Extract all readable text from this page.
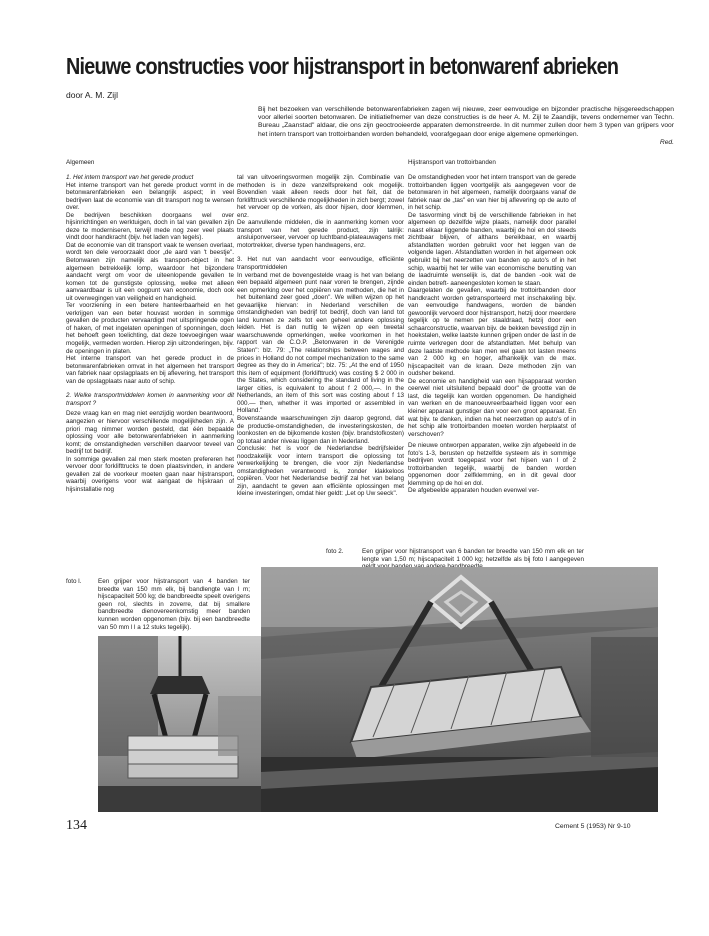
Nieuwe constructies voor hijstransport in betonwarenf abrieken
door A. M. Zijl
Bij het bezoeken van verschillende betonwarenfabrieken zagen wij nieuwe, zeer eenvoudige en bijzonder practische hijsgereedschappen voor allerlei soorten betonwaren. De initiatiefnemer van deze constructies is de heer A. M. Zijl te Zaandijk, tevens ondernemer van Techn. Bureau „Zaanstad" aldaar, die ons zijn geoctrooieerde apparaten demonstreerde. In dit nummer zullen door hem 3 typen van grijpers voor het intern transport van trottoirbanden worden behandeld, voorafgegaan door enige algemene opmerkingen.
Red.
Algemeen	Hijstransport van trottoirbanden

1. Het intern transport van het gerede product

Het interne transport van het gerede product vormt in de betonwarenfabrieken een belangrijk aspect; in veel bedrijven laat de economie van dit transport nog te wensen over.

De bedrijven beschikken doorgaans wel over hijsinrichtingen en werktuigen, doch in tal van gevallen zijn deze te moderniseren, terwijl mede nog zeer veel plaats vindt door handkracht (bijv. het laden van tegels).

Dat de economie van dit transport vaak te wensen overlaat, wordt ten dele veroorzaakt door „de aard van 't beestje". Betonwaren zijn namelijk als transport-object in het algemeen betrekkelijk lomp, waardoor het bijzondere aandacht vergt om voor de uiteenlopende gevallen te komen tot de gunstigste oplossing, welke met alleen aanvaardbaar is uit een oogpunt van economie, doch ook uit overwegingen van veiligheid en handigheid.

Ter voorziening in een betere hanteerbaarheid en het verkrijgen van een beter houvast worden in sommige gevallen de producten vervaardigd met uitspringende ogen of haken, of met ingelaten openingen of sponningen, doch het behoeft geen toelichting, dat deze toevoegingen waar mogelijk, vermeden worden. Hierop zijn uitzonderingen, bijv. de openingen in platen.

Het interne transport van het gerede product in de betonwarenfabrieken omvat in het algemeen het transport van fabriek naar opslagplaats en bij aflevering, het transport van de opslagplaats naar auto of schip.

2. Welke transportmiddelen komen in aanmerking voor dit transport ?

Deze vraag kan en mag niet eenzijdig worden beantwoord, aangezien er hiervoor verschillende mogelijkheden zijn. A priori mag nimmer worden gesteld, dat één bepaalde oplossing voor alle betonwarenfabrieken in aanmerking komt; de omstandigheden verschillen daarvoor teveel van bedrijf tot bedrijf.

In sommige gevallen zal men sterk moeten prefereren het vervoer door forklifttrucks te doen plaatsvinden, in andere gevallen zal de voorkeur moeten gaan naar hijstransport, waarbij overigens voor wat aangaat de hijskraan of hijsinstallatie nog

tal van uitvoeringsvormen mogelijk zijn. Combinatie van methoden is in deze vanzelfsprekend ook mogelijk. Bovendien vaak alleen reeds door het feit, dat de forklifttruck verschillende mogelijkheden in zich bergt; zowel het vervoer op de vorken, als door hijsen, door klemmen, enz.

De aanvullende middelen, die in aanmerking komen voor transport van het gerede product, zijn talrijk: ansluiponverseer, vervoer op luchtband-plateauwagens met motortrekker, diverse typen handwagens, enz.

3. Het nut van aandacht voor eenvoudige, efficiënte transportmiddelen

In verband met de bovengestelde vraag is het van belang een bepaald algemeen punt naar voren te brengen, zijnde een opmerking over het copiëren van methoden, die het in het buitenland zeer goed „doen". We willen wijzen op het gevaarlijke hiervan: in Nederland verschillen de omstandigheden van bedrijf tot bedrijf, doch van land tot land kunnen ze zelfs tot een geheel andere oplossing leiden. Het is dan nuttig te wijzen op een tweetal waarschuwende opmerkingen, welke voorkomen in het rapport van de C.O.P. „Betonwaren in de Verenigde Staten": blz. 79: „The relationships between wages and prices in Holland do not compel mechanization to the same degree as they do in America"; blz. 75: „At the end of 1950 this item of equipment (forklifttruck) was costing $ 2 000 in the States, which considering the standard of living in the larger cities, is equivalent to about f 2 000,—. In the Netherlands, an item of this sort was costing about f 13 000.— then, whether it was imported or assembled in Holland."

Bovenstaande waarschuwingen zijn daarop gegrond, dat de productie-omstandigheden, de investeringskosten, de loonkosten en de bijkomende kosten (bijv. brandstofkosten) op totaal ander niveau liggen dan in Nederland.

Conclusie: het is voor de Nederlandse bedrijfsleider noodzakelijk voor intern transport die oplossing tot verwerkelijking te brengen, die voor zijn Nederlandse omstandigheden verantwoord is, zonder klakkeloos copiëren. Voor het Nederlandse bedrijf zal het van belang zijn, aandacht te geven aan efficiënte oplossingen met kleine investeringen, omdat hier geldt: „Let op Uw seeck".

De omstandigheden voor het intern transport van de gerede trottoirbanden liggen voortgelijk als aangegeven voor de betonwaren in het algemeen, namelijk doorgaans vanaf de fabriek naar de „tas" en van hier bij aflevering op de auto of in het schip.

De tasvorming vindt bij de verschillende fabrieken in het algemeen op dezelfde wijze plaats, namelijk door parallel naast elkaar liggende banden, waarbij de hoi en dol steeds zichtbaar blijven, of althans bereikbaar, en waarbij afstandlatten worden gebruikt voor het leggen van de volgende lagen. Afstandlatten worden in het algemeen ook gebruikt bij het neerzetten van banden op auto's of in het schip, waarbij het ter wille van economische benutting van de laadruimte wenselijk is, dat de banden -ook wat de einden betreft- aaneengesloten komen te staan.

Daargelaten de gevallen, waarbij de trottoirbanden door handkracht worden getransporteerd met inschakeling bijv. van eenvoudige handwagens, worden de banden gewoonlijk vervoerd door hijstransport, hetzij door meerdere tegelijk op te nemen per staaldraad, hetzij door een schaarconstructie, waarvan bijv. de bekken bevestigd zijn in hoekstalen, welke laatste kunnen grijpen onder de last in de ruimte verkregen door de afstandlatten. Met behulp van deze laatste methode kan men wel gaan tot lasten meens van 2 000 kg en hoger, afhankelijk van de max. hijscapaciteit van de kraan. Deze methoden zijn van oudsher bekend.

De economie en handigheid van een hijsapparaat worden ceerwel niet uitsluitend bepaald door" de grootte van de last, die tegelijk kan worden opgenomen. De handigheid van werken en de manoeuvreerbaarheid liggen voor een kleiner apparaat gunstiger dan voor een groot apparaat. En wat bijv. te denken, indien na het neerzetten op auto's of in het schip alle trottoirbanden moeten worden herplaatst of verschoven?

De nieuwe ontworpen apparaten, welke zijn afgebeeld in de foto's 1-3, berusten op hetzelfde systeem als in sommige bedrijven wordt toegepast voor het hijsen van l of 2 trottoirbanden tegelijk, waarbij de banden worden opgenomen door zelfklemming, en in dit geval door klemming op de hoi en dol.

De afgebeelde apparaten houden evenwel ver-

foto 2.	Een grijper voor hijstransport van 6 banden ter breedte van 150 mm elk en ter lengte van 1,50 m; hijscapaciteit 1 000 kg; hetzelfde als bij foto l aangegeven
foto l.	Een grijper voor hijstransport van 4 banden ter breedte van 150 mm elk, bij bandlengte van l m; hijscapaciteit 500 kg; de bandbreedte speelt overigens geen rol, slechts in zoverre, dat bij smallere bandbreedte dienovereenkomstig meer banden kunnen worden opgenomen (bijv. bij een bandbreedte van 50 mm l l a 12 stuks tegelijk).
134	Cement 5 (1953) Nr 9-10
